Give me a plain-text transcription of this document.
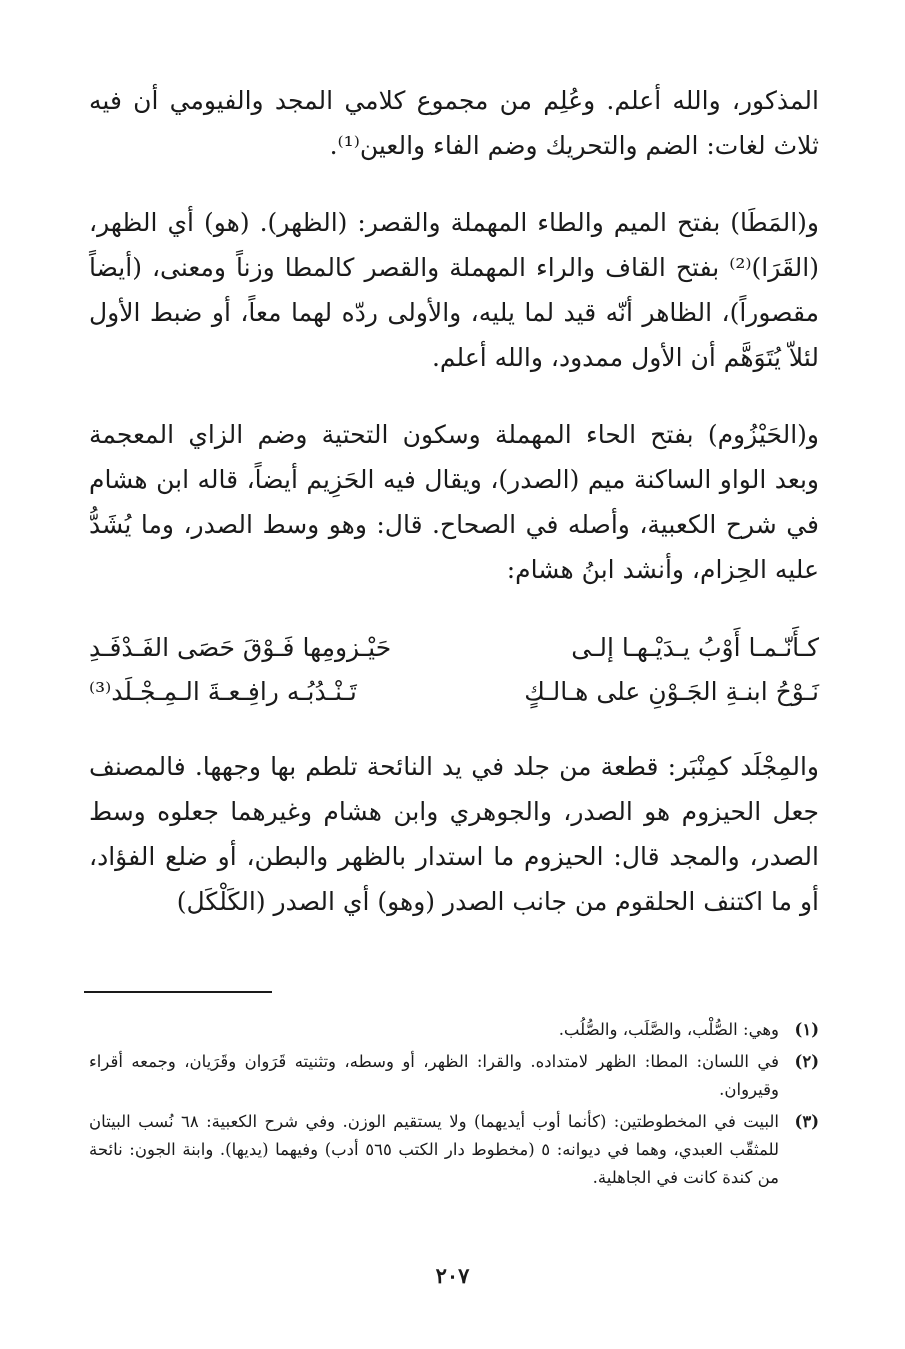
المذكور، والله أعلم. وعُلِم من مجموع كلامي المجد والفيومي أن فيه ثلاث لغات: الضم والتحريك وضم الفاء والعين⁽¹⁾.

و(المَطَا) بفتح الميم والطاء المهملة والقصر: (الظهر). (هو) أي الظهر، (القَرَا)⁽²⁾ بفتح القاف والراء المهملة والقصر كالمطا وزناً ومعنى، (أيضاً مقصوراً)، الظاهر أنّه قيد لما يليه، والأولى ردّه لهما معاً، أو ضبط الأول لئلاّ يُتَوَهَّم أن الأول ممدود، والله أعلم.

و(الحَيْزُوم) بفتح الحاء المهملة وسكون التحتية وضم الزاي المعجمة وبعد الواو الساكنة ميم (الصدر)، ويقال فيه الحَزِيم أيضاً، قاله ابن هشام في شرح الكعبية، وأصله في الصحاح. قال: وهو وسط الصدر، وما يُشَدُّ عليه الحِزام، وأنشد ابنُ هشام:

كـأَنّـمـا أَوْبُ يـدَيْـهـا إلـى
حَيْـزومِها فَـوْقَ حَصَى الفَـدْفَـدِ
نَـوْحُ ابنـةِ الجَـوْنِ على هـالـكٍ
تَـنْـدُبُـه رافِـعـةَ الـمِـجْـلَد⁽³⁾

والمِجْلَد كمِنْبَر: قطعة من جلد في يد النائحة تلطم بها وجهها. فالمصنف جعل الحيزوم هو الصدر، والجوهري وابن هشام وغيرهما جعلوه وسط الصدر، والمجد قال: الحيزوم ما استدار بالظهر والبطن، أو ضلع الفؤاد، أو ما اكتنف الحلقوم من جانب الصدر (وهو) أي الصدر (الكَلْكَل)

(١)
وهي: الصُّلْب، والصَّلَب، والصُّلُب.
(٢)
في اللسان: المطا: الظهر لامتداده. والقرا: الظهر، أو وسطه، وتثنيته قَرَوان وقَرَيان، وجمعه أقراء وقيروان.
(٣)
البيت في المخطوطتين: (كأنما أوب أيديهما) ولا يستقيم الوزن. وفي شرح الكعبية: ٦٨ نُسب البيتان للمثقّب العبدي، وهما في ديوانه: ٥ (مخطوط دار الكتب ٥٦٥ أدب) وفيهما (يديها). وابنة الجون: نائحة من كندة كانت في الجاهلية.
٢٠٧
